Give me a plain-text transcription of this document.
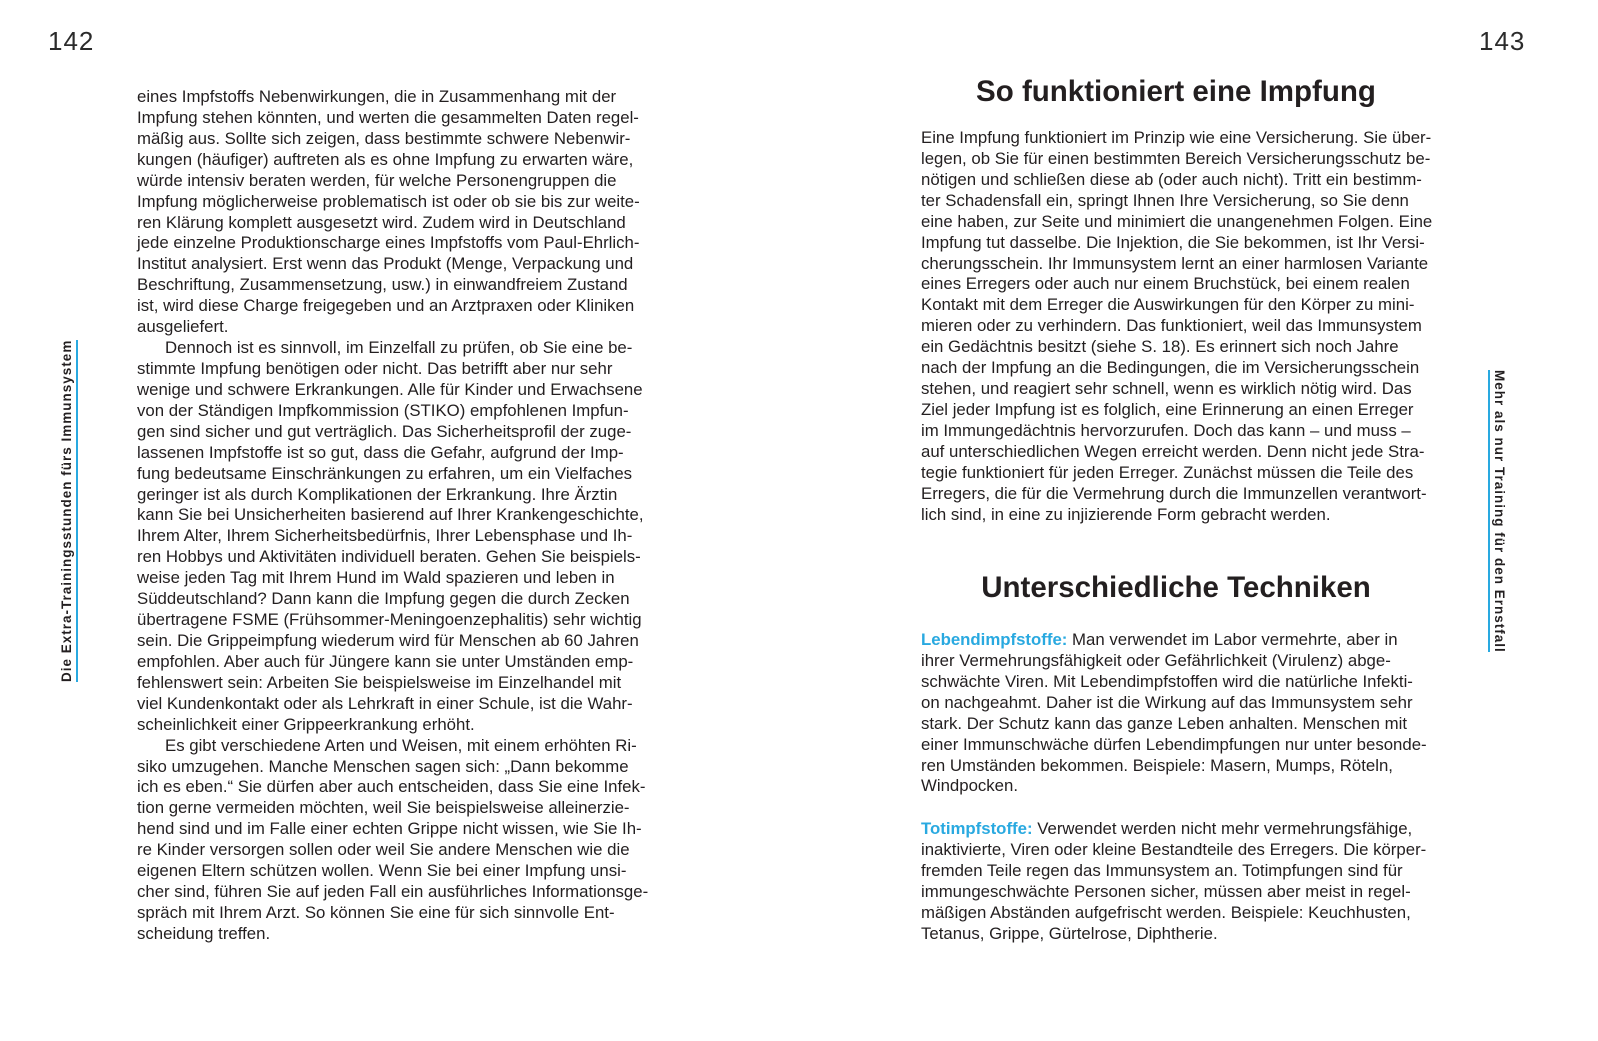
142
Die Extra-Trainingsstunden fürs Immunsystem
eines Impfstoffs Nebenwirkungen, die in Zusammenhang mit der
Impfung stehen könnten, und werten die gesammelten Daten regel-
mäßig aus. Sollte sich zeigen, dass bestimmte schwere Nebenwir-
kungen (häufiger) auftreten als es ohne Impfung zu erwarten wäre,
würde intensiv beraten werden, für welche Personengruppen die
Impfung möglicherweise problematisch ist oder ob sie bis zur weite-
ren Klärung komplett ausgesetzt wird. Zudem wird in Deutschland
jede einzelne Produktionscharge eines Impfstoffs vom Paul-Ehrlich-
Institut analysiert. Erst wenn das Produkt (Menge, Verpackung und
Beschriftung, Zusammensetzung, usw.) in einwandfreiem Zustand
ist, wird diese Charge freigegeben und an Arztpraxen oder Kliniken
ausgeliefert.
Dennoch ist es sinnvoll, im Einzelfall zu prüfen, ob Sie eine be-
stimmte Impfung benötigen oder nicht. Das betrifft aber nur sehr
wenige und schwere Erkrankungen. Alle für Kinder und Erwachsene
von der Ständigen Impfkommission (STIKO) empfohlenen Impfun-
gen sind sicher und gut verträglich. Das Sicherheitsprofil der zuge-
lassenen Impfstoffe ist so gut, dass die Gefahr, aufgrund der Imp-
fung bedeutsame Einschränkungen zu erfahren, um ein Vielfaches
geringer ist als durch Komplikationen der Erkrankung. Ihre Ärztin
kann Sie bei Unsicherheiten basierend auf Ihrer Krankengeschichte,
Ihrem Alter, Ihrem Sicherheitsbedürfnis, Ihrer Lebensphase und Ih-
ren Hobbys und Aktivitäten individuell beraten. Gehen Sie beispiels-
weise jeden Tag mit Ihrem Hund im Wald spazieren und leben in
Süddeutschland? Dann kann die Impfung gegen die durch Zecken
übertragene FSME (Frühsommer-Meningoenzephalitis) sehr wichtig
sein. Die Grippeimpfung wiederum wird für Menschen ab 60 Jahren
empfohlen. Aber auch für Jüngere kann sie unter Umständen emp-
fehlenswert sein: Arbeiten Sie beispielsweise im Einzelhandel mit
viel Kundenkontakt oder als Lehrkraft in einer Schule, ist die Wahr-
scheinlichkeit einer Grippeerkrankung erhöht.
Es gibt verschiedene Arten und Weisen, mit einem erhöhten Ri-
siko umzugehen. Manche Menschen sagen sich: „Dann bekomme
ich es eben.“ Sie dürfen aber auch entscheiden, dass Sie eine Infek-
tion gerne vermeiden möchten, weil Sie beispielsweise alleinerzie-
hend sind und im Falle einer echten Grippe nicht wissen, wie Sie Ih-
re Kinder versorgen sollen oder weil Sie andere Menschen wie die
eigenen Eltern schützen wollen. Wenn Sie bei einer Impfung unsi-
cher sind, führen Sie auf jeden Fall ein ausführliches Informationsge-
spräch mit Ihrem Arzt. So können Sie eine für sich sinnvolle Ent-
scheidung treffen.
143
Mehr als nur Training für den Ernstfall
So funktioniert eine Impfung
Eine Impfung funktioniert im Prinzip wie eine Versicherung. Sie über-
legen, ob Sie für einen bestimmten Bereich Versicherungsschutz be-
nötigen und schließen diese ab (oder auch nicht). Tritt ein bestimm-
ter Schadensfall ein, springt Ihnen Ihre Versicherung, so Sie denn
eine haben, zur Seite und minimiert die unangenehmen Folgen. Eine
Impfung tut dasselbe. Die Injektion, die Sie bekommen, ist Ihr Versi-
cherungsschein. Ihr Immunsystem lernt an einer harmlosen Variante
eines Erregers oder auch nur einem Bruchstück, bei einem realen
Kontakt mit dem Erreger die Auswirkungen für den Körper zu mini-
mieren oder zu verhindern. Das funktioniert, weil das Immunsystem
ein Gedächtnis besitzt (siehe S. 18). Es erinnert sich noch Jahre
nach der Impfung an die Bedingungen, die im Versicherungsschein
stehen, und reagiert sehr schnell, wenn es wirklich nötig wird. Das
Ziel jeder Impfung ist es folglich, eine Erinnerung an einen Erreger
im Immungedächtnis hervorzurufen. Doch das kann – und muss –
auf unterschiedlichen Wegen erreicht werden. Denn nicht jede Stra-
tegie funktioniert für jeden Erreger. Zunächst müssen die Teile des
Erregers, die für die Vermehrung durch die Immunzellen verantwort-
lich sind, in eine zu injizierende Form gebracht werden.
Unterschiedliche Techniken
Lebendimpfstoffe: Man verwendet im Labor vermehrte, aber in
ihrer Vermehrungsfähigkeit oder Gefährlichkeit (Virulenz) abge-
schwächte Viren. Mit Lebendimpfstoffen wird die natürliche Infekti-
on nachgeahmt. Daher ist die Wirkung auf das Immunsystem sehr
stark. Der Schutz kann das ganze Leben anhalten. Menschen mit
einer Immunschwäche dürfen Lebendimpfungen nur unter besonde-
ren Umständen bekommen. Beispiele: Masern, Mumps, Röteln,
Windpocken.
Totimpfstoffe: Verwendet werden nicht mehr vermehrungsfähige,
inaktivierte, Viren oder kleine Bestandteile des Erregers. Die körper-
fremden Teile regen das Immunsystem an. Totimpfungen sind für
immungeschwächte Personen sicher, müssen aber meist in regel-
mäßigen Abständen aufgefrischt werden. Beispiele: Keuchhusten,
Tetanus, Grippe, Gürtelrose, Diphtherie.
